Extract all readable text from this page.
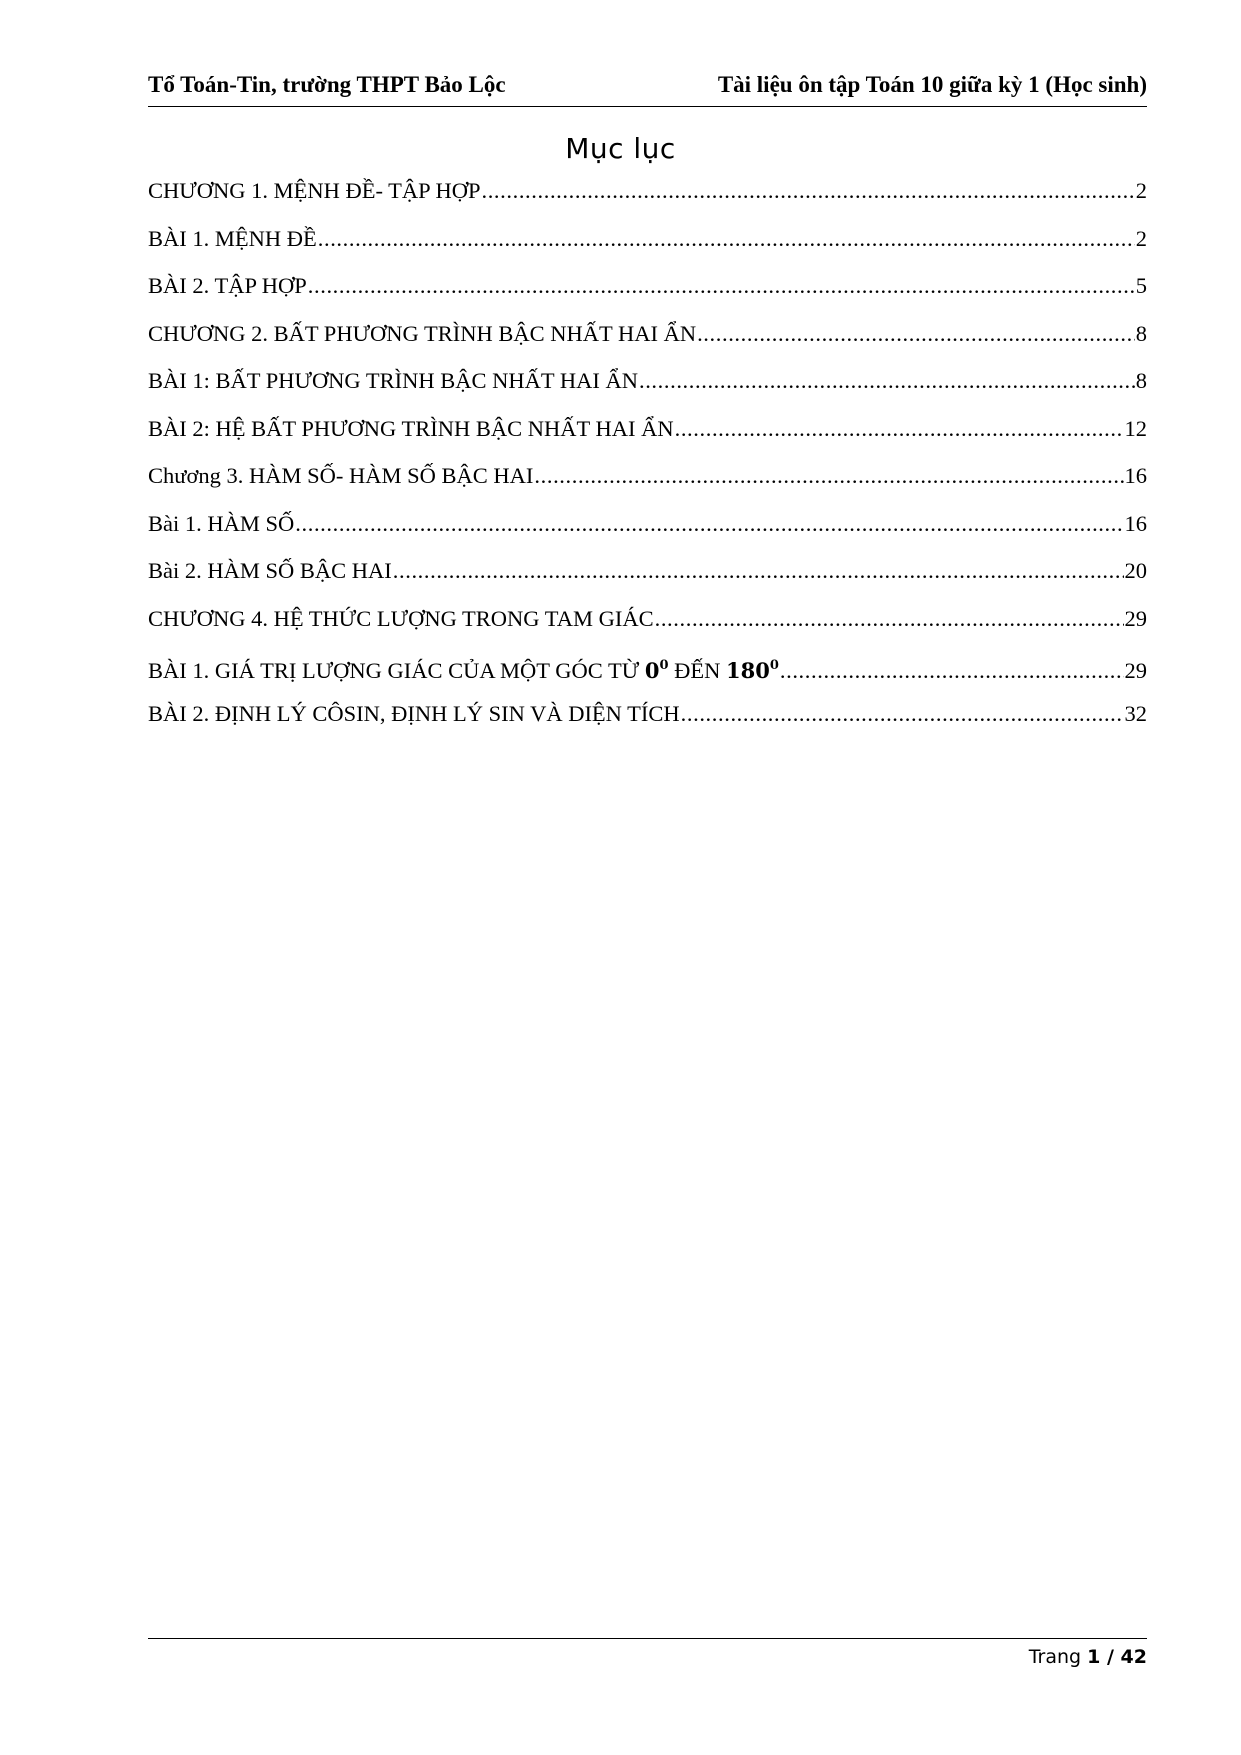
Tổ Toán-Tin, trường THPT Bảo Lộc	Tài liệu ôn tập Toán 10 giữa kỳ 1 (Học sinh)
Mục lục
CHƯƠNG 1. MỆNH ĐỀ- TẬP HỢP .....	2
BÀI 1. MỆNH ĐỀ .....	2
BÀI 2. TẬP HỢP .....	5
CHƯƠNG 2. BẤT PHƯƠNG TRÌNH BẬC NHẤT HAI ẨN .....	8
BÀI 1: BẤT PHƯƠNG TRÌNH BẬC NHẤT HAI ẨN .....	8
BÀI 2: HỆ BẤT PHƯƠNG TRÌNH BẬC NHẤT HAI ẨN .....	12
Chương 3. HÀM SỐ- HÀM SỐ BẬC HAI .....	16
Bài 1. HÀM SỐ .....	16
Bài 2. HÀM SỐ BẬC HAI .....	20
CHƯƠNG 4. HỆ THỨC LƯỢNG TRONG TAM GIÁC .....	29
BÀI 1. GIÁ TRỊ LƯỢNG GIÁC CỦA MỘT GÓC TỪ $0^0$ ĐẾN $180^0$ .....	29
BÀI 2. ĐỊNH LÝ CÔSIN, ĐỊNH LÝ SIN VÀ DIỆN TÍCH .....	32
Trang 1 / 42
